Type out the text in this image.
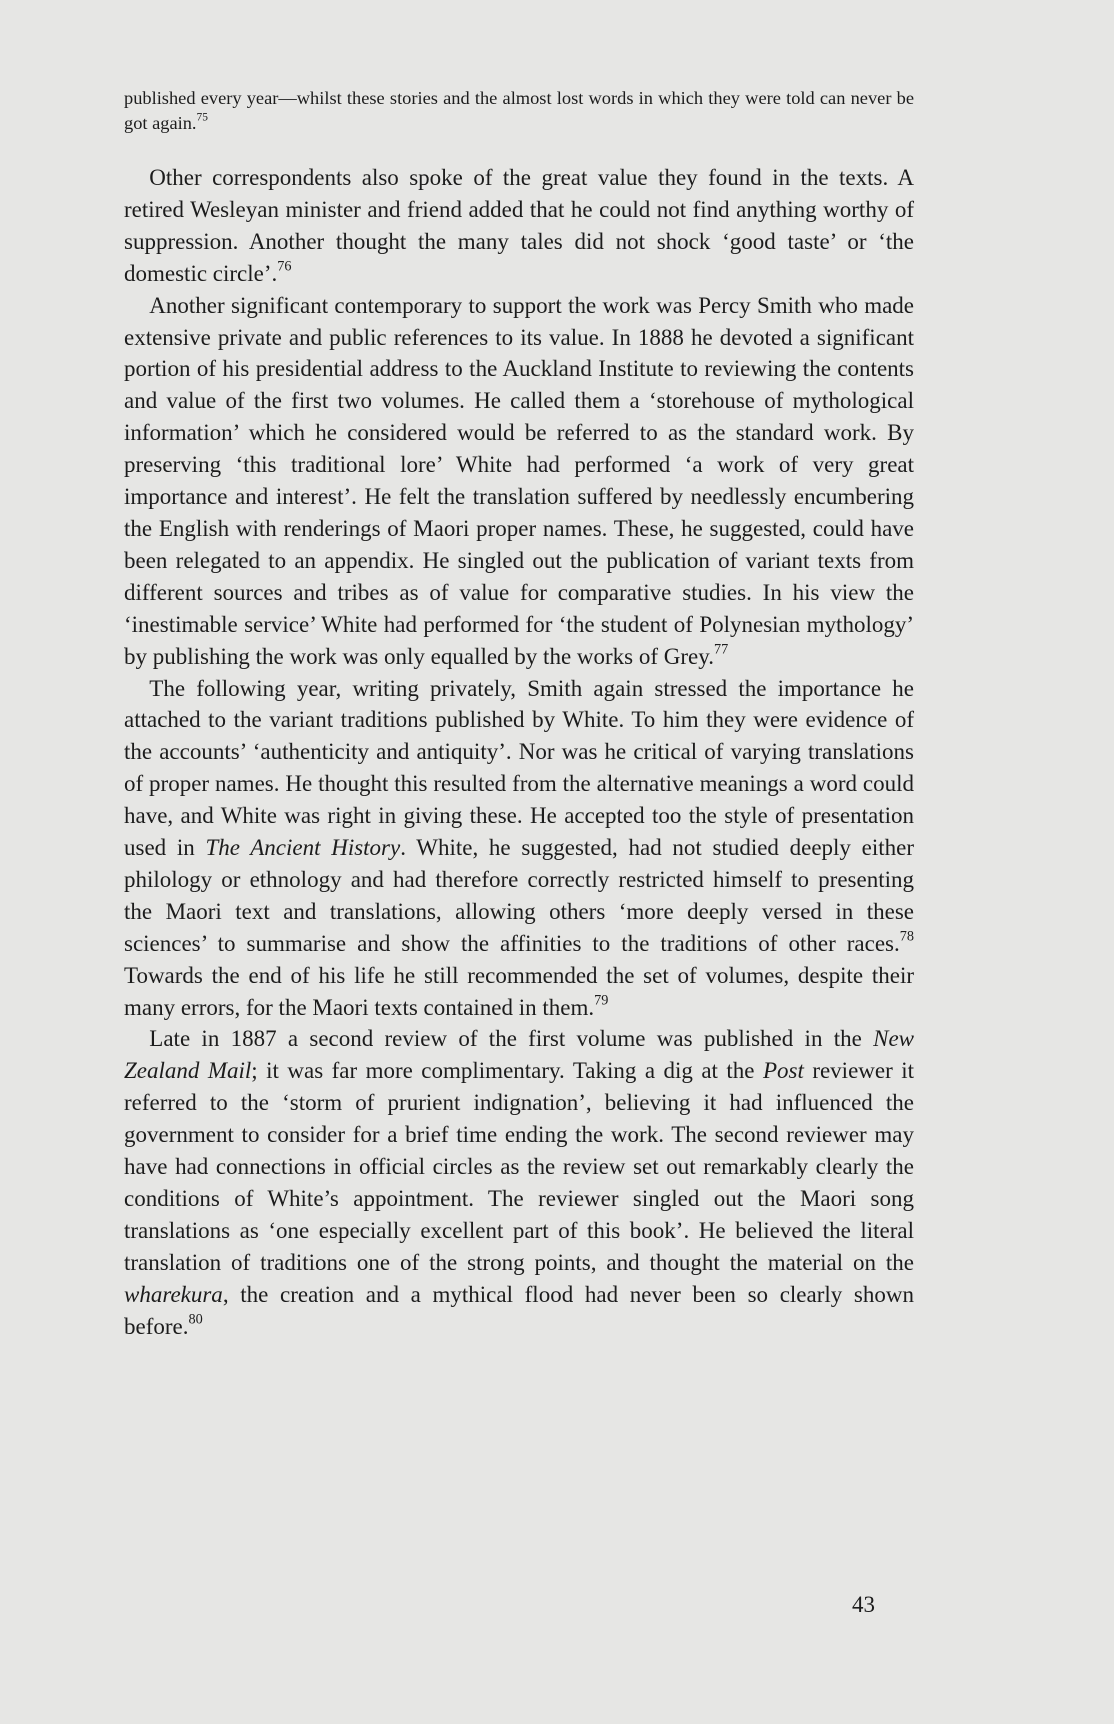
published every year—whilst these stories and the almost lost words in which they were told can never be got again.$^{75}$

Other correspondents also spoke of the great value they found in the texts. A retired Wesleyan minister and friend added that he could not find anything worthy of suppression. Another thought the many tales did not shock ‘good taste’ or ‘the domestic circle’.$^{76}$

Another significant contemporary to support the work was Percy Smith who made extensive private and public references to its value. In 1888 he devoted a significant portion of his presidential address to the Auckland Institute to reviewing the contents and value of the first two volumes. He called them a ‘storehouse of mythological information’ which he considered would be referred to as the standard work. By preserving ‘this traditional lore’ White had performed ‘a work of very great importance and interest’. He felt the translation suffered by needlessly encumbering the English with renderings of Maori proper names. These, he suggested, could have been relegated to an appendix. He singled out the publication of variant texts from different sources and tribes as of value for comparative studies. In his view the ‘inestimable service’ White had performed for ‘the student of Polynesian mythology’ by publishing the work was only equalled by the works of Grey.$^{77}$

The following year, writing privately, Smith again stressed the importance he attached to the variant traditions published by White. To him they were evidence of the accounts’ ‘authenticity and antiquity’. Nor was he critical of varying translations of proper names. He thought this resulted from the alternative meanings a word could have, and White was right in giving these. He accepted too the style of presentation used in The Ancient History. White, he suggested, had not studied deeply either philology or ethnology and had therefore correctly restricted himself to presenting the Maori text and translations, allowing others ‘more deeply versed in these sciences’ to summarise and show the affinities to the traditions of other races.$^{78}$ Towards the end of his life he still recommended the set of volumes, despite their many errors, for the Maori texts contained in them.$^{79}$

Late in 1887 a second review of the first volume was published in the New Zealand Mail; it was far more complimentary. Taking a dig at the Post reviewer it referred to the ‘storm of prurient indignation’, believing it had influenced the government to consider for a brief time ending the work. The second reviewer may have had connections in official circles as the review set out remarkably clearly the conditions of White’s appointment. The reviewer singled out the Maori song translations as ‘one especially excellent part of this book’. He believed the literal translation of traditions one of the strong points, and thought the material on the wharekura, the creation and a mythical flood had never been so clearly shown before.$^{80}$

43
